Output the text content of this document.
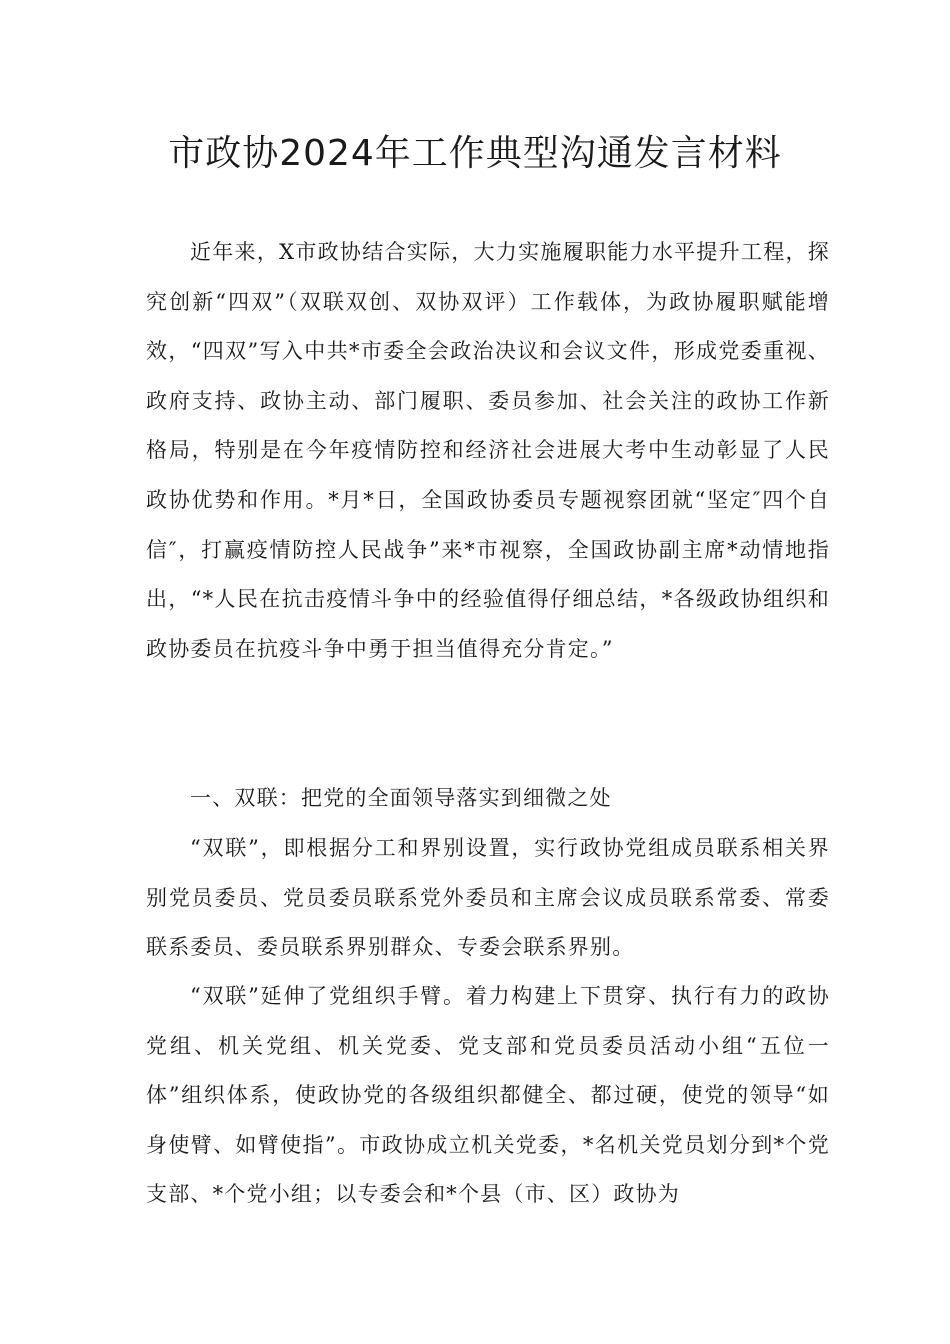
市政协2024年工作典型沟通发言材料

近年来，X市政协结合实际，大力实施履职能力水平提升工程，探究创新“四双”（双联双创、双协双评）工作载体，为政协履职赋能增效，“四双”写入中共*市委全会政治决议和会议文件，形成党委重视、政府支持、政协主动、部门履职、委员参加、社会关注的政协工作新格局，特别是在今年疫情防控和经济社会进展大考中生动彰显了人民政协优势和作用。*月*日，全国政协委员专题视察团就“坚定″四个自信″，打赢疫情防控人民战争”来*市视察，全国政协副主席*动情地指出，“*人民在抗击疫情斗争中的经验值得仔细总结，*各级政协组织和政协委员在抗疫斗争中勇于担当值得充分肯定。”

一、双联：把党的全面领导落实到细微之处

“双联”，即根据分工和界别设置，实行政协党组成员联系相关界别党员委员、党员委员联系党外委员和主席会议成员联系常委、常委联系委员、委员联系界别群众、专委会联系界别。

“双联”延伸了党组织手臂。着力构建上下贯穿、执行有力的政协党组、机关党组、机关党委、党支部和党员委员活动小组“五位一体”组织体系，使政协党的各级组织都健全、都过硬，使党的领导“如身使臂、如臂使指”。市政协成立机关党委，*名机关党员划分到*个党支部、*个党小组；以专委会和*个县（市、区）政协为
